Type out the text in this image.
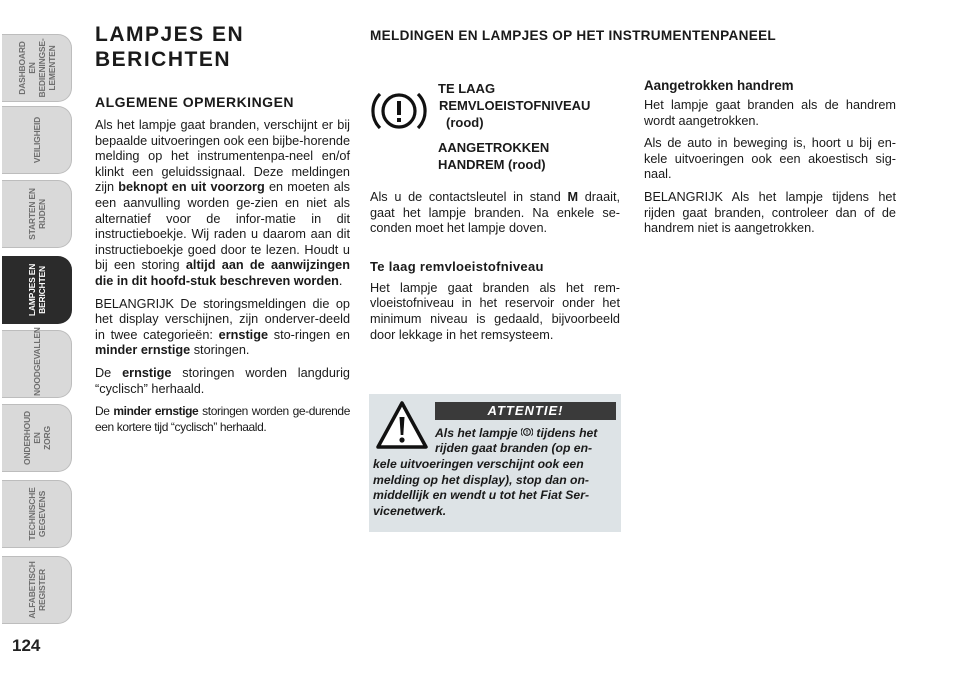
DASHBOARD EN
BEDIENINGSE-
LEMENTEN
VEILIGHEID
STARTEN EN
RIJDEN
LAMPJES EN
BERICHTEN
NOODGEVALLEN
ONDERHOUD EN
ZORG
TECHNISCHE
GEGEVENS
ALFABETISCH
REGISTER
124
LAMPJES EN
BERICHTEN
ALGEMENE OPMERKINGEN

Als het lampje gaat branden, verschijnt er bij bepaalde uitvoeringen ook een bijbe-horende melding op het instrumentenpa-neel en/of klinkt een geluidssignaal. Deze meldingen zijn beknopt en uit voorzorg en moeten als een aanvulling worden ge-zien en niet als alternatief voor de infor-matie in dit instructieboekje. Wij raden u daarom aan dit instructieboekje goed door te lezen. Houdt u bij een storing altijd aan de aanwijzingen die in dit hoofd-stuk beschreven worden.

BELANGRIJK De storingsmeldingen die op het display verschijnen, zijn onderver-deeld in twee categorieën: ernstige sto-ringen en minder ernstige storingen.

De ernstige storingen worden langdurig “cyclisch” herhaald.

De minder ernstige storingen worden ge-durende een kortere tijd “cyclisch” herhaald.

MELDINGEN EN LAMPJES OP HET INSTRUMENTENPANEEL
TE LAAG
REMVLOEISTOFNIVEAU
(rood)
AANGETROKKEN
HANDREM (rood)

Als u de contactsleutel in stand M draait, gaat het lampje branden. Na enkele se-conden moet het lampje doven.

Te laag remvloeistofniveau

Het lampje gaat branden als het rem-vloeistofniveau in het reservoir onder het minimum niveau is gedaald, bijvoorbeeld door lekkage in het remsysteem.

ATTENTIE!
Als het lampje  tijdens het rijden gaat branden (op en-
kele uitvoeringen verschijnt ook een melding op het display), stop dan on-middellijk en wendt u tot het Fiat Ser-vicenetwerk.
Aangetrokken handrem

Het lampje gaat branden als de handrem wordt aangetrokken.

Als de auto in beweging is, hoort u bij en-kele uitvoeringen ook een akoestisch sig-naal.

BELANGRIJK Als het lampje tijdens het rijden gaat branden, controleer dan of de handrem niet is aangetrokken.
